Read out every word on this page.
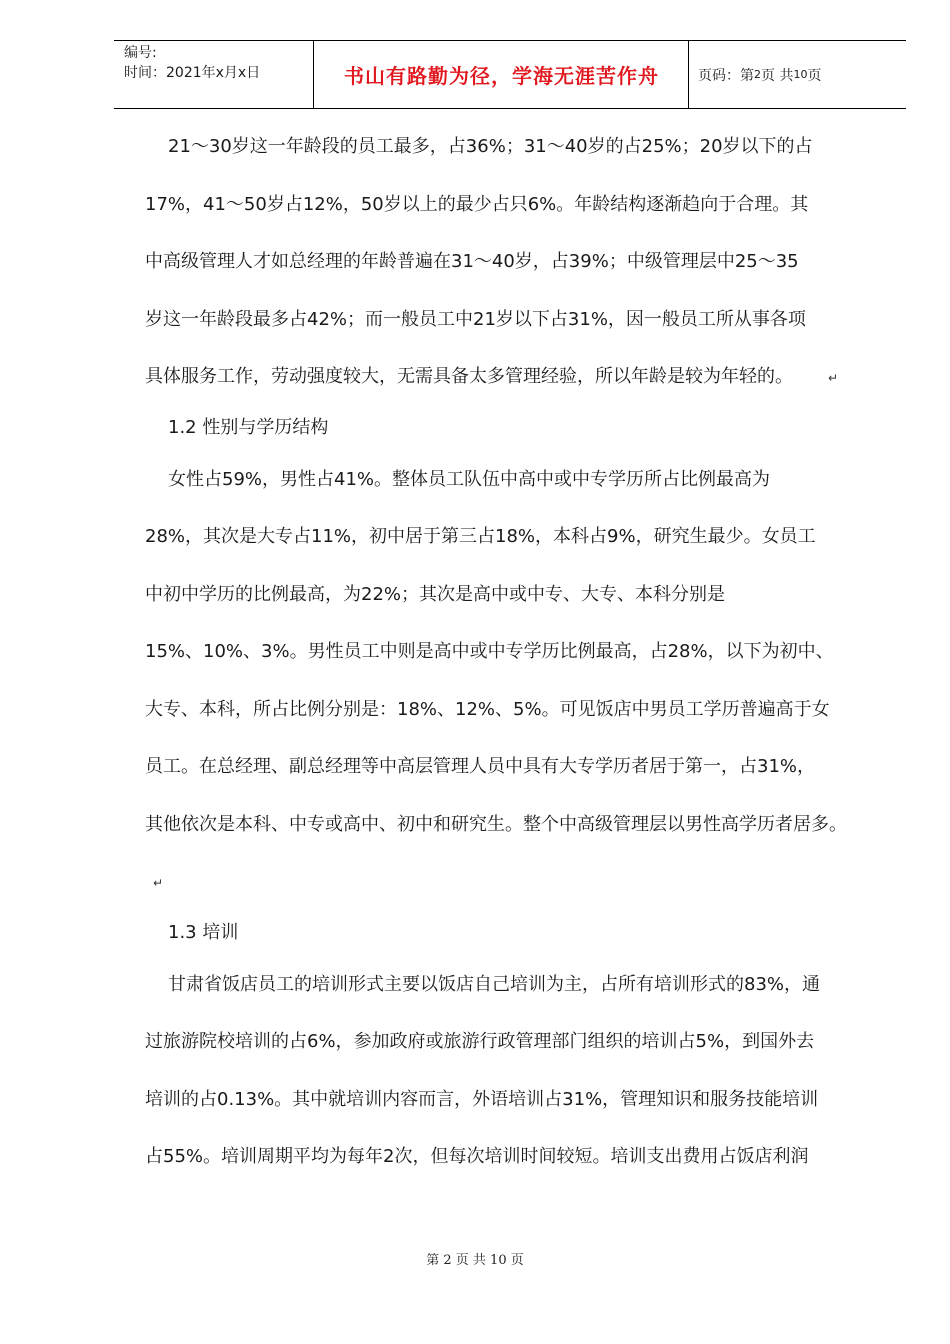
编号:
时间：2021年x月x日	书山有路勤为径，学海无涯苦作舟	页码：第 2 页 共 10 页
21～30岁这一年龄段的员工最多，占36%；31～40岁的占25%；20岁以下的占
17%，41～50岁占12%，50岁以上的最少占只6%。年龄结构逐渐趋向于合理。其
中高级管理人才如总经理的年龄普遍在31～40岁，占39%；中级管理层中25～35
岁这一年龄段最多占42%；而一般员工中21岁以下占31%，因一般员工所从事各项
具体服务工作，劳动强度较大，无需具备太多管理经验，所以年龄是较为年轻的。	↵
1.2 性别与学历结构
女性占59%，男性占41%。整体员工队伍中高中或中专学历所占比例最高为
28%，其次是大专占11%，初中居于第三占18%，本科占9%，研究生最少。女员工
中初中学历的比例最高，为22%；其次是高中或中专、大专、本科分别是
15%、10%、3%。男性员工中则是高中或中专学历比例最高，占28%，以下为初中、
大专、本科，所占比例分别是：18%、12%、5%。可见饭店中男员工学历普遍高于女
员工。在总经理、副总经理等中高层管理人员中具有大专学历者居于第一，占31%，
其他依次是本科、中专或高中、初中和研究生。整个中高级管理层以男性高学历者居多。
↵
1.3 培训
甘肃省饭店员工的培训形式主要以饭店自己培训为主，占所有培训形式的83%，通
过旅游院校培训的占6%，参加政府或旅游行政管理部门组织的培训占5%，到国外去
培训的占0.13%。其中就培训内容而言，外语培训占31%，管理知识和服务技能培训
占55%。培训周期平均为每年2次，但每次培训时间较短。培训支出费用占饭店利润
第 2 页 共 10 页
